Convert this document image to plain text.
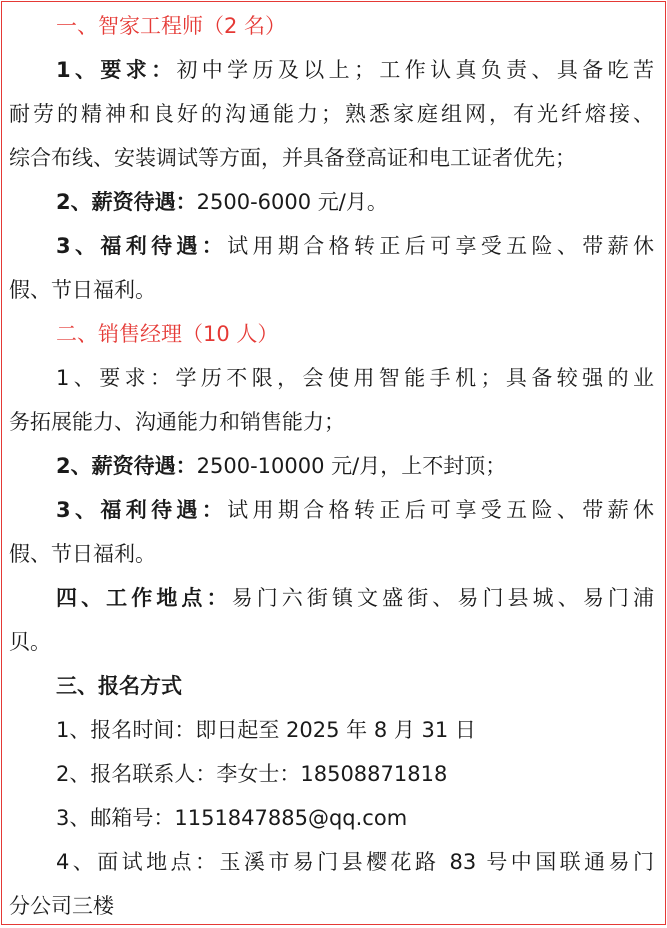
一、智家工程师（2 名）
1、要求：初中学历及以上；工作认真负责、具备吃苦
耐劳的精神和良好的沟通能力；熟悉家庭组网，有光纤熔接、
综合布线、安装调试等方面，并具备登高证和电工证者优先；
2、薪资待遇：2500-6000 元/月。
3、福利待遇：试用期合格转正后可享受五险、带薪休
假、节日福利。
二、销售经理（10 人）
1、要求：学历不限，会使用智能手机；具备较强的业
务拓展能力、沟通能力和销售能力；
2、薪资待遇：2500-10000 元/月，上不封顶；
3、福利待遇：试用期合格转正后可享受五险、带薪休
假、节日福利。
四、工作地点：易门六街镇文盛街、易门县城、易门浦
贝。
三、报名方式
1、报名时间：即日起至 2025 年 8 月 31 日
2、报名联系人：李女士：18508871818
3、邮箱号：1151847885@qq.com
4、面试地点：玉溪市易门县樱花路 83 号中国联通易门
分公司三楼
